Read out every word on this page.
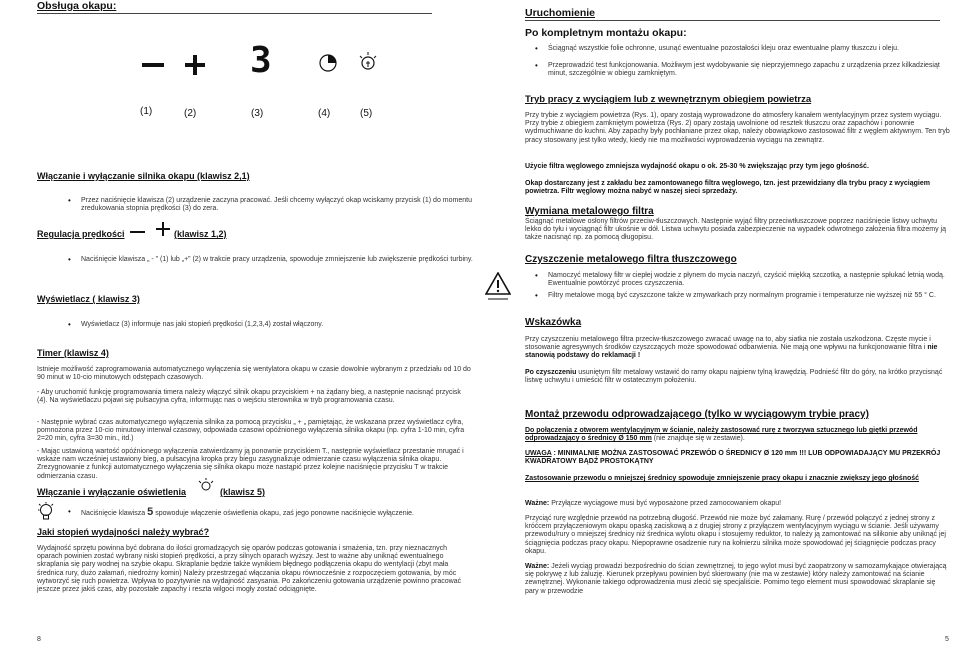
Obsługa okapu:
3
(1)	(2)	(3)	(4)	(5)
Włączanie i wyłączanie silnika okapu (klawisz 2,1)
• Przez naciśnięcie klawisza (2) urządzenie zaczyna pracować. Jeśli chcemy wyłączyć okap wciskamy przycisk (1) do momentu zredukowania stopnia prędkości (3) do zera.
Regulacja prędkości	(klawisz 1,2)
• Naciśnięcie klawisza „ - ” (1) lub „+” (2) w trakcie pracy urządzenia, spowoduje zmniejszenie lub zwiększenie prędkości turbiny.
Wyświetlacz ( klawisz 3)
• Wyświetlacz (3) informuje nas jaki stopień prędkości (1,2,3,4) został włączony.
Timer (klawisz 4)
Istnieje możliwość zaprogramowania automatycznego wyłączenia się wentylatora okapu w czasie dowolnie wybranym z przedziału od 10 do 90 minut w 10-cio minutowych odstępach czasowych.
- Aby uruchomić funkcję programowania timera należy włączyć silnik okapu przyciskiem + na żądany bieg, a następnie nacisnąć przycisk (4). Na wyświetlaczu pojawi się pulsacyjna cyfra, informując nas o wejściu sterownika w tryb programowania czasu.
- Następnie wybrać czas automatycznego wyłączenia silnika za pomocą przycisku „ + „ pamiętając, że wskazana przez wyświetlacz cyfra, pomnożona przez 10-cio minutowy interwał czasowy, odpowiada czasowi opóźnionego wyłączenia silnika okapu (np. cyfra 1-10 min, cyfra 2=20 min, cyfra 3=30 min., itd.)
- Mając ustawioną wartość opóźnionego wyłączenia zatwierdzamy ją ponownie przyciskiem T., następnie wyświetlacz przestanie mrugać i wskaże nam wcześniej ustawiony bieg, a pulsacyjna kropka przy biegu zasygnalizuje odmierzanie czasu wyłączenia silnika okapu. Zrezygnowanie z funkcji automatycznego wyłączenia się silnika okapu może nastąpić przez kolejne naciśnięcie przycisku T w trakcie odmierzania czasu.
Włączanie i wyłączanie oświetlenia	(klawisz 5)
• Naciśnięcie klawisza 5 spowoduje włączenie oświetlenia okapu, zaś jego ponowne naciśnięcie wyłączenie.
Jaki stopień wydajności należy wybrać?
Wydajność sprzętu powinna być dobrana do ilości gromadzących się oparów podczas gotowania i smażenia, tzn. przy nieznacznych oparach powinien zostać wybrany niski stopień prędkości, a przy silnych oparach wyższy. Jest to ważne aby uniknąć ewentualnego skraplania się pary wodnej na szybie okapu. Skraplanie będzie także wynikiem błędnego podłączenia okapu do wentylacji (zbyt mała średnica rury, dużo załamań, niedrożny komin) Należy przestrzegać włączania okapu równocześnie z rozpoczęciem gotowania, by móc wytworzyć się ruch powietrza. Wpływa to pozytywnie na wydajność zasysania. Po zakończeniu gotowania urządzenie powinno pracować jeszcze przez jakiś czas, aby pozostałe zapachy i reszta wilgoci mogły zostać odciągnięte.
8
Uruchomienie
Po kompletnym montażu okapu:
• Ściągnąć wszystkie folie ochronne, usunąć ewentualne pozostałości kleju oraz ewentualne plamy tłuszczu i oleju.
• Przeprowadzić test funkcjonowania. Możliwym jest wydobywanie się nieprzyjemnego zapachu z urządzenia przez kilkadziesiąt minut, szczególnie w obiegu zamkniętym.
Tryb pracy z wyciągiem lub z wewnętrznym obiegiem powietrza
Przy trybie z wyciągiem powietrza (Rys. 1), opary zostają wyprowadzone do atmosfery kanałem wentylacyjnym przez system wyciągu. Przy trybie z obiegiem zamkniętym powietrza (Rys. 2) opary zostają uwolnione od resztek tłuszczu oraz zapachów i ponownie wydmuchiwane do kuchni. Aby zapachy były pochłaniane przez okap, należy obowiązkowo zastosować filtr z węglem aktywnym. Ten tryb pracy stosowany jest tylko wtedy, kiedy nie ma możliwości wyprowadzenia wyciągu na zewnątrz.
Użycie filtra węglowego zmniejsza wydajność okapu o ok. 25-30 % zwiększając przy tym jego głośność.
Okap dostarczany jest z zakładu bez zamontowanego filtra węglowego, tzn. jest przewidziany dla trybu pracy z wyciągiem powietrza. Filtr węglowy można nabyć w naszej sieci sprzedaży.
Wymiana metalowego filtra
Ściągnąć metalowe osłony filtrów przeciw-tłuszczowych. Następnie wyjąć filtry przeciwtłuszczowe poprzez naciśnięcie listwy uchwytu lekko do tyłu i wyciągnąć filtr ukośnie w dół. Listwa uchwytu posiada zabezpieczenie na wypadek odwrotnego założenia filtra możemy ją także nacisnąć np. za pomocą długopisu.
Czyszczenie metalowego filtra tłuszczowego
• Namoczyć metalowy filtr w ciepłej wodzie z płynem do mycia naczyń, czyścić miękką szczotką, a następnie spłukać letnią wodą. Ewentualnie powtórzyć proces czyszczenia.
• Filtry metalowe mogą być czyszczone także w zmywarkach przy normalnym programie i temperaturze nie wyższej niż 55 ° C.
Wskazówka
Przy czyszczeniu metalowego filtra przeciw-tłuszczowego zwracać uwagę na to, aby siatka nie została uszkodzona. Częste mycie i stosowanie agresywnych środków czyszczących może spowodować odbarwienia. Nie mają one wpływu na funkcjonowanie filtra i nie stanowią podstawy do reklamacji !
Po czyszczeniu usuniętym filtr metalowy wstawić do ramy okapu najpierw tylną krawędzią. Podnieść filtr do góry, na krótko przycisnąć listwę uchwytu i umieścić filtr w ostatecznym położeniu.
Montaż przewodu odprowadzającego (tylko w wyciągowym trybie pracy)
Do połączenia z otworem wentylacyjnym w ścianie, należy zastosować rurę z tworzywa sztucznego lub giętki przewód odprowadzający o średnicy Ø 150 mm (nie znajduje się w zestawie).
UWAGA : MINIMALNIE MOŻNA ZASTOSOWAĆ PRZEWÓD O ŚREDNICY Ø 120 mm !!! LUB ODPOWIADAJĄCY MU PRZEKRÓJ KWADRATOWY BĄDŹ PROSTOKĄTNY
Zastosowanie przewodu o mniejszej średnicy spowoduje zmniejszenie pracy okapu i znacznie zwiększy jego głośność
Ważne: Przyłącze wyciągowe musi być wyposażone przed zamocowaniem okapu!
Przyciąć rurę względnie przewód na potrzebną długość. Przewód nie może być załamany. Rurę / przewód połączyć z jednej strony z króćcem przyłączeniowym okapu opaską zaciskową a z drugiej strony z przyłączem wentylacyjnym wyciągu w ścianie. Jeśli używamy przewodu/rury o mniejszej średnicy niż średnica wylotu okapu i stosujemy reduktor, to należy ją zamontować na silikonie aby uniknąć jej ściągnięcia podczas pracy okapu. Niepoprawne osadzenie rury na kołnierzu silnika może spowodować jej ściągnięcie podczas pracy okapu.
Ważne: Jeżeli wyciąg prowadzi bezpośrednio do ścian zewnętrznej, to jego wylot musi być zaopatrzony w samozamykające otwierającą się pokrywę z lub żaluzję. Kierunek przepływu powinien być skierowany (nie ma w zestawie) który należy zamontować na ścianie zewnętrznej. Wykonanie takiego odprowadzenia musi zlecić się specjaliście. Pomimo tego element musi spowodować skraplanie się pary w przewodzie
5
